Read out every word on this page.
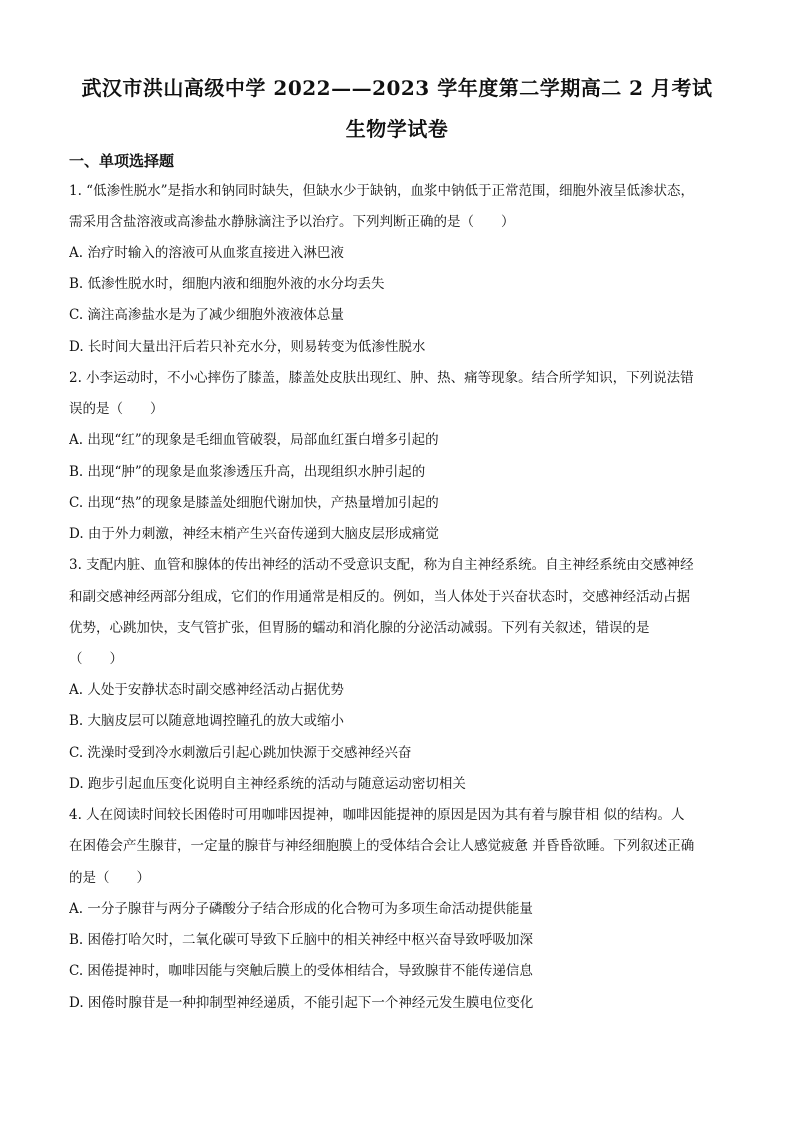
武汉市洪山高级中学 2022——2023 学年度第二学期高二 2 月考试
生物学试卷
一、单项选择题
1. “低渗性脱水”是指水和钠同时缺失，但缺水少于缺钠，血浆中钠低于正常范围，细胞外液呈低渗状态，
需采用含盐溶液或高渗盐水静脉滴注予以治疗。下列判断正确的是（　　）
A. 治疗时输入的溶液可从血浆直接进入淋巴液
B. 低渗性脱水时，细胞内液和细胞外液的水分均丢失
C. 滴注高渗盐水是为了减少细胞外液液体总量
D. 长时间大量出汗后若只补充水分，则易转变为低渗性脱水
2. 小李运动时，不小心摔伤了膝盖，膝盖处皮肤出现红、肿、热、痛等现象。结合所学知识，下列说法错
误的是（　　）
A. 出现“红”的现象是毛细血管破裂，局部血红蛋白增多引起的
B. 出现“肿”的现象是血浆渗透压升高，出现组织水肿引起的
C. 出现“热”的现象是膝盖处细胞代谢加快，产热量增加引起的
D. 由于外力刺激，神经末梢产生兴奋传递到大脑皮层形成痛觉
3. 支配内脏、血管和腺体的传出神经的活动不受意识支配，称为自主神经系统。自主神经系统由交感神经
和副交感神经两部分组成，它们的作用通常是相反的。例如，当人体处于兴奋状态时，交感神经活动占据
优势，心跳加快，支气管扩张，但胃肠的蠕动和消化腺的分泌活动减弱。下列有关叙述，错误的是
（　　）
A. 人处于安静状态时副交感神经活动占据优势
B. 大脑皮层可以随意地调控瞳孔的放大或缩小
C. 洗澡时受到冷水刺激后引起心跳加快源于交感神经兴奋
D. 跑步引起血压变化说明自主神经系统的活动与随意运动密切相关
4. 人在阅读时间较长困倦时可用咖啡因提神，咖啡因能提神的原因是因为其有着与腺苷相 似的结构。人
在困倦会产生腺苷，一定量的腺苷与神经细胞膜上的受体结合会让人感觉疲惫 并昏昏欲睡。下列叙述正确
的是（　　）
A. 一分子腺苷与两分子磷酸分子结合形成的化合物可为多项生命活动提供能量
B. 困倦打哈欠时，二氧化碳可导致下丘脑中的相关神经中枢兴奋导致呼吸加深
C. 困倦提神时，咖啡因能与突触后膜上的受体相结合，导致腺苷不能传递信息
D. 困倦时腺苷是一种抑制型神经递质，不能引起下一个神经元发生膜电位变化
